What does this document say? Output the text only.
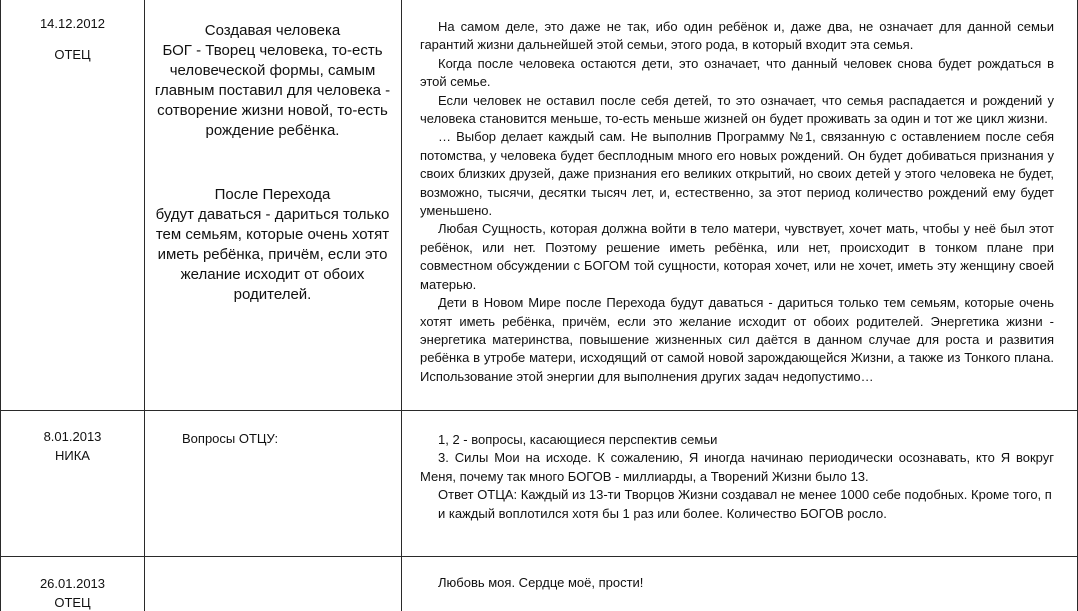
14.12.2012
ОТЕЦ

Создавая человека

БОГ - Творец человека, то-есть человеческой формы, самым главным поставил для человека - сотворение жизни новой, то-есть рождение ребёнка.

После Перехода

будут даваться - дариться только тем семьям, которые очень хотят иметь ребёнка, причём, если это желание исходит от обоих родителей.

На самом деле, это даже не так, ибо один ребёнок и, даже два, не означает для данной семьи гарантий жизни дальнейшей этой семьи, этого рода, в который входит эта семья.

Когда после человека остаются дети, это означает, что данный человек снова будет рождаться в этой семье.

Если человек не оставил после себя детей, то это означает, что семья распадается и рождений у человека становится меньше, то-есть меньше жизней он будет проживать за один и тот же цикл жизни.

… Выбор делает каждый сам. Не выполнив Программу №1, связанную с оставлением после себя потомства, у человека будет бесплодным много его новых рождений. Он будет добиваться признания у своих близких друзей, даже признания его великих открытий, но своих детей у этого человека не будет, возможно, тысячи, десятки тысяч лет, и, естественно, за этот период количество рождений ему будет уменьшено.

Любая Сущность, которая должна войти в тело матери, чувствует, хочет мать, чтобы у неё был этот ребёнок, или нет. Поэтому решение иметь ребёнка, или нет, происходит в тонком плане при совместном обсуждении с БОГОМ той сущности, которая хочет, или не хочет, иметь эту женщину своей матерью.

Дети в Новом Мире после Перехода будут даваться - дариться только тем семьям, которые очень хотят иметь ребёнка, причём, если это желание исходит от обоих родителей. Энергетика жизни - энергетика материнства, повышение жизненных сил даётся в данном случае для роста и развития ребёнка в утробе матери, исходящий от самой новой зарождающейся Жизни, а также из Тонкого плана. Использование этой энергии для выполнения других задач недопустимо…

8.01.2013
НИКА
Вопросы ОТЦУ:	1, 2 - вопросы, касающиеся перспектив семьи

3. Силы Мои на исходе. К сожалению, Я иногда начинаю периодически осознавать, кто Я вокруг Меня, почему так много БОГОВ - миллиарды, а Творений Жизни было 13.

Ответ ОТЦА: Каждый из 13-ти Творцов Жизни создавал не менее 1000 себе подобных. Кроме того, п

и каждый воплотился хотя бы 1 раз или более. Количество БОГОВ росло.

26.01.2013
ОТЕЦ

Любовь моя. Сердце моё, прости!
